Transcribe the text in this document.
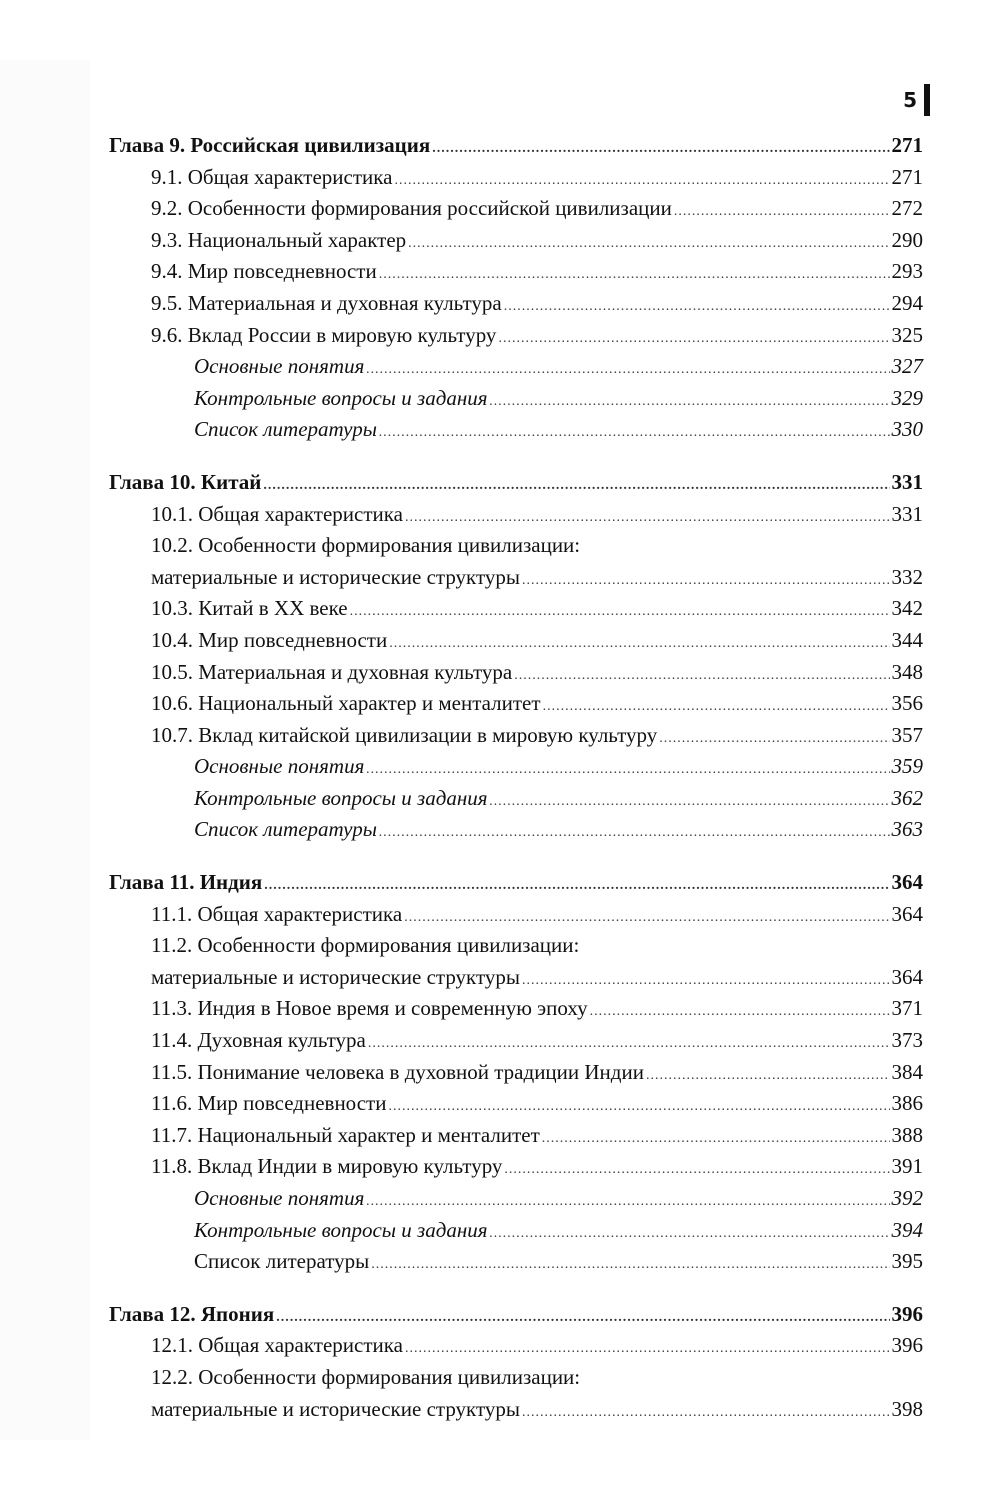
5
Глава 9. Российская цивилизация .....	271
9.1. Общая характеристика .....	271
9.2. Особенности формирования российской цивилизации .....	272
9.3. Национальный характер .....	290
9.4. Мир повседневности .....	293
9.5. Материальная и духовная культура .....	294
9.6. Вклад России в мировую культуру .....	325
Основные понятия .....	327
Контрольные вопросы и задания .....	329
Список литературы .....	330
Глава 10. Китай .....	331
10.1. Общая характеристика .....	331
10.2. Особенности формирования цивилизации:
материальные и исторические структуры .....	332
10.3. Китай в XX веке .....	342
10.4. Мир повседневности .....	344
10.5. Материальная и духовная культура .....	348
10.6. Национальный характер и менталитет .....	356
10.7. Вклад китайской цивилизации в мировую культуру .....	357
Основные понятия .....	359
Контрольные вопросы и задания .....	362
Список литературы .....	363
Глава 11. Индия .....	364
11.1. Общая характеристика .....	364
11.2. Особенности формирования цивилизации:
материальные и исторические структуры .....	364
11.3. Индия в Новое время и современную эпоху .....	371
11.4. Духовная культура .....	373
11.5. Понимание человека в духовной традиции Индии .....	384
11.6. Мир повседневности .....	386
11.7. Национальный характер и менталитет .....	388
11.8. Вклад Индии в мировую культуру .....	391
Основные понятия .....	392
Контрольные вопросы и задания .....	394
Список литературы .....	395
Глава 12. Япония .....	396
12.1. Общая характеристика .....	396
12.2. Особенности формирования цивилизации:
материальные и исторические структуры .....	398
